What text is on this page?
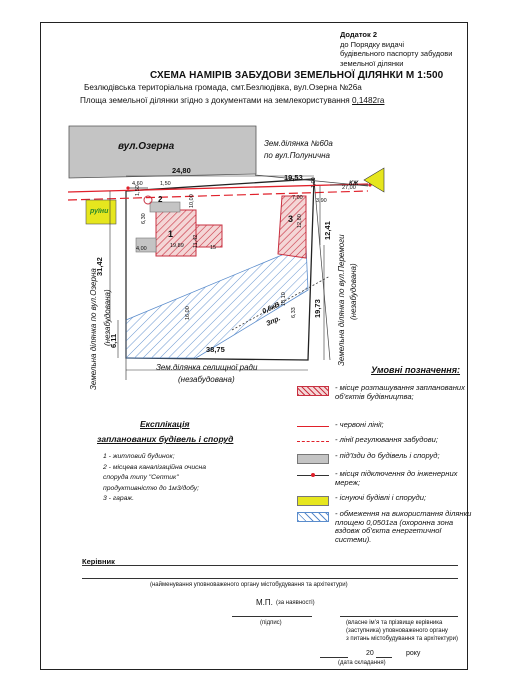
Додаток 2
до Порядку видачі
будівельного паспорту забудови
земельної ділянки
СХЕМА НАМІРІВ ЗАБУДОВИ ЗЕМЕЛЬНОЇ ДІЛЯНКИ М 1:500
Безлюдівська територіальна громада, смт.Безлюдівка, вул.Озерна №26а
Площа земельної ділянки згідно з документами на землекористування 0,1482га
вул.Озерна	Зем.ділянка №60а
по вул.Полунична
руїни
КЖ
Земельна ділянка по вул.Озерна (незабудована)	Земельна ділянка по вул.Перемоги (незабудована)
Зем.ділянка селищної ради
(незабудована)
1
2
3
0,6кВ
Зпр.
24,80
19,53
31,42
6,11
38,75
19,73
12,41
27,00
4,60	1,50
1,50
6,30
10,00
4,00	19,89 11,42 15
1,00
7,00 3,90
12,80
16,00
18,10
6,33
Умовні позначення:
- місце розташування запланованих об’єктів будівництва;
- червоні лінії;
- лінії регулювання забудови;
- під’їзди до будівель і споруд;
- місця підключення до інженерних мереж;
- існуючі будівлі і споруди;
- обмеження на використання ділянки площею 0,0501га (охоронна зона вздовж об’єкта енергетичної системи).
Експлікація
запланованих будівель і споруд
1 - житловий будинок;
2 - місцева каналізаційна очисна
споруда типу "Септик"
продуктивністю до 1м3/добу;
3 - гараж.
Керівник
(найменування уповноваженого органу містобудування та архітектури)
М.П. (за наявності)
(підпис)	(власне ім’я та прізвище керівника
(заступника) уповноваженого органу
з питань містобудування та архітектури)
20	року
(дата складання)
